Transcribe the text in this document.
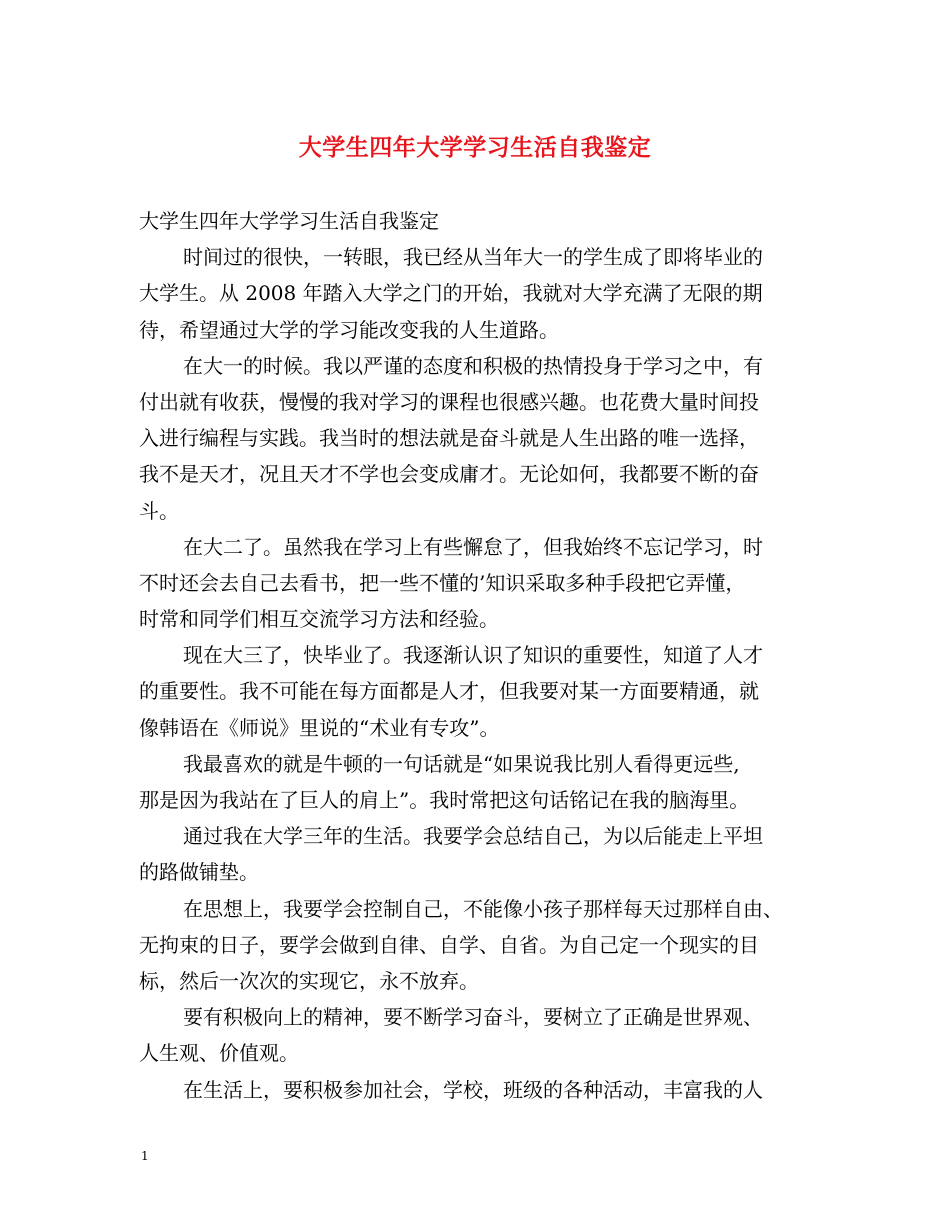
大学生四年大学学习生活自我鉴定
大学生四年大学学习生活自我鉴定
时间过的很快，一转眼，我已经从当年大一的学生成了即将毕业的
大学生。从 2008 年踏入大学之门的开始，我就对大学充满了无限的期
待，希望通过大学的学习能改变我的人生道路。
在大一的时候。我以严谨的态度和积极的热情投身于学习之中，有
付出就有收获，慢慢的我对学习的课程也很感兴趣。也花费大量时间投
入进行编程与实践。我当时的想法就是奋斗就是人生出路的唯一选择，
我不是天才，况且天才不学也会变成庸才。无论如何，我都要不断的奋
斗。
在大二了。虽然我在学习上有些懈怠了，但我始终不忘记学习，时
不时还会去自己去看书，把一些不懂的’知识采取多种手段把它弄懂，
时常和同学们相互交流学习方法和经验。
现在大三了，快毕业了。我逐渐认识了知识的重要性，知道了人才
的重要性。我不可能在每方面都是人才，但我要对某一方面要精通，就
像韩语在《师说》里说的“术业有专攻”。
我最喜欢的就是牛顿的一句话就是“如果说我比别人看得更远些,
那是因为我站在了巨人的肩上”。我时常把这句话铭记在我的脑海里。
通过我在大学三年的生活。我要学会总结自己，为以后能走上平坦
的路做铺垫。
在思想上，我要学会控制自己，不能像小孩子那样每天过那样自由、
无拘束的日子，要学会做到自律、自学、自省。为自己定一个现实的目
标，然后一次次的实现它，永不放弃。
要有积极向上的精神，要不断学习奋斗，要树立了正确是世界观、
人生观、价值观。
在生活上，要积极参加社会，学校，班级的各种活动，丰富我的人
1
